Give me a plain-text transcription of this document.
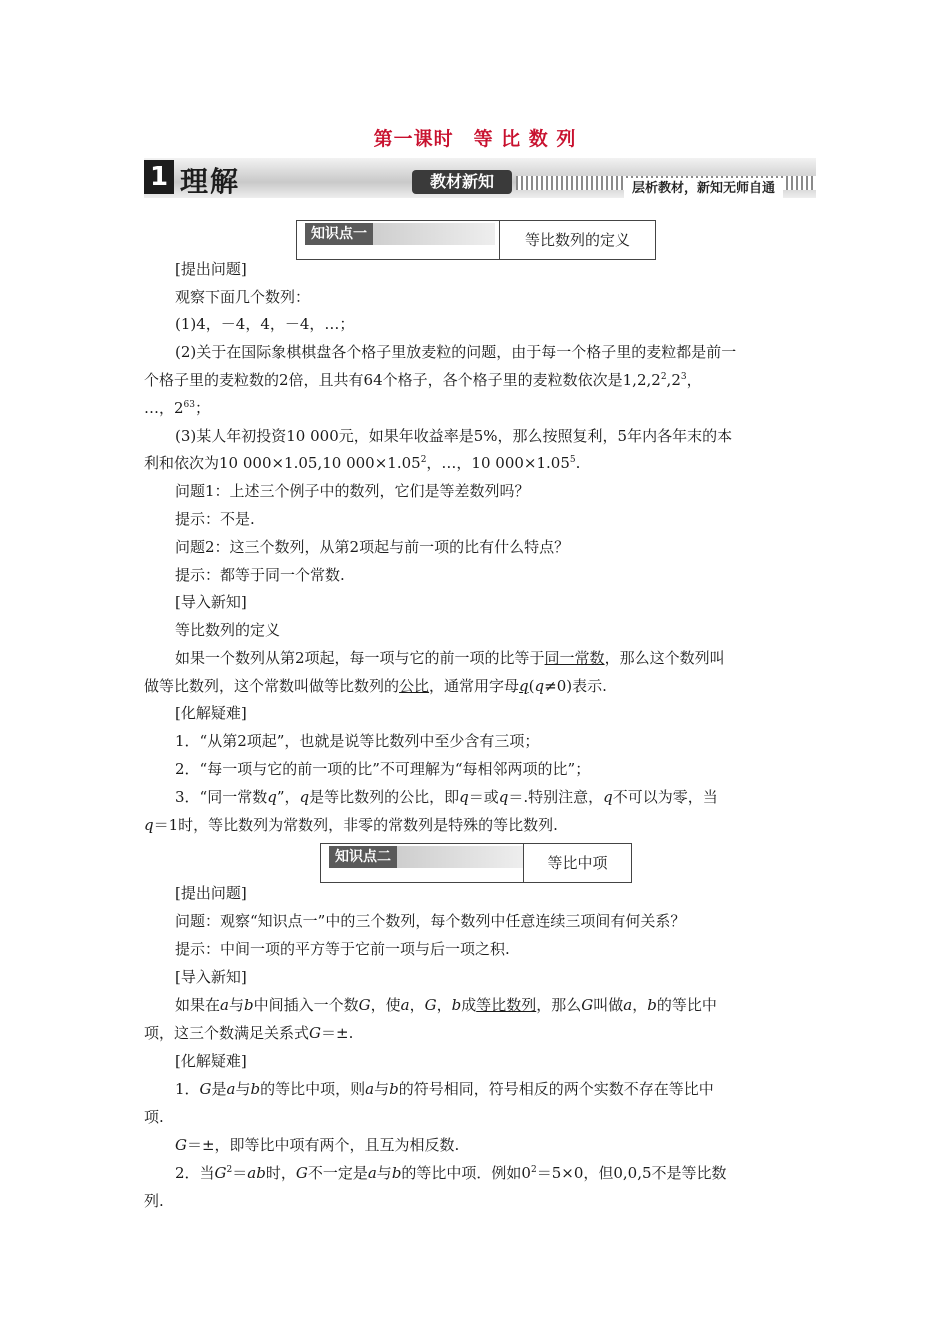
第一课时　等 比 数 列
1 理解	教材新知	层析教材，新知无师自通
知识点一	等比数列的定义
[提出问题]
观察下面几个数列：
(1)4，－4，4，－4，…；
(2)关于在国际象棋棋盘各个格子里放麦粒的问题，由于每一个格子里的麦粒都是前一
个格子里的麦粒数的2倍，且共有64个格子，各个格子里的麦粒数依次是$1,2,2^2,2^3$，
…，$2^{63}$；
(3)某人年初投资10 000元，如果年收益率是5%，那么按照复利，5年内各年末的本
利和依次为10 000×1.05,10 $000\times 1.05^2$，…，10 $000\times 1.05^5$.
问题1：上述三个例子中的数列，它们是等差数列吗？
提示：不是.
问题2：这三个数列，从第2项起与前一项的比有什么特点？
提示：都等于同一个常数.
[导入新知]
等比数列的定义
如果一个数列从第2项起，每一项与它的前一项的比等于同一常数，那么这个数列叫
做等比数列，这个常数叫做等比数列的公比，通常用字母q(q≠0)表示.
[化解疑难]
1．“从第2项起”，也就是说等比数列中至少含有三项；
2．“每一项与它的前一项的比”不可理解为“每相邻两项的比”；
3．“同一常数q”，q是等比数列的公比，即q＝或q＝.特别注意，q不可以为零，当
q＝1时，等比数列为常数列，非零的常数列是特殊的等比数列.
知识点二	等比中项
[提出问题]
问题：观察“知识点一”中的三个数列，每个数列中任意连续三项间有何关系？
提示：中间一项的平方等于它前一项与后一项之积.
[导入新知]
如果在a与b中间插入一个数G，使a，G，b成等比数列，那么G叫做a，b的等比中
项，这三个数满足关系式G＝±.
[化解疑难]
1．G是a与b的等比中项，则a与b的符号相同，符号相反的两个实数不存在等比中
项.
G＝±，即等比中项有两个，且互为相反数.
2．当$G^2=ab$时，G不一定是a与b的等比中项．例如$0^2=5\times 0$，但0,0,5不是等比数
列.
